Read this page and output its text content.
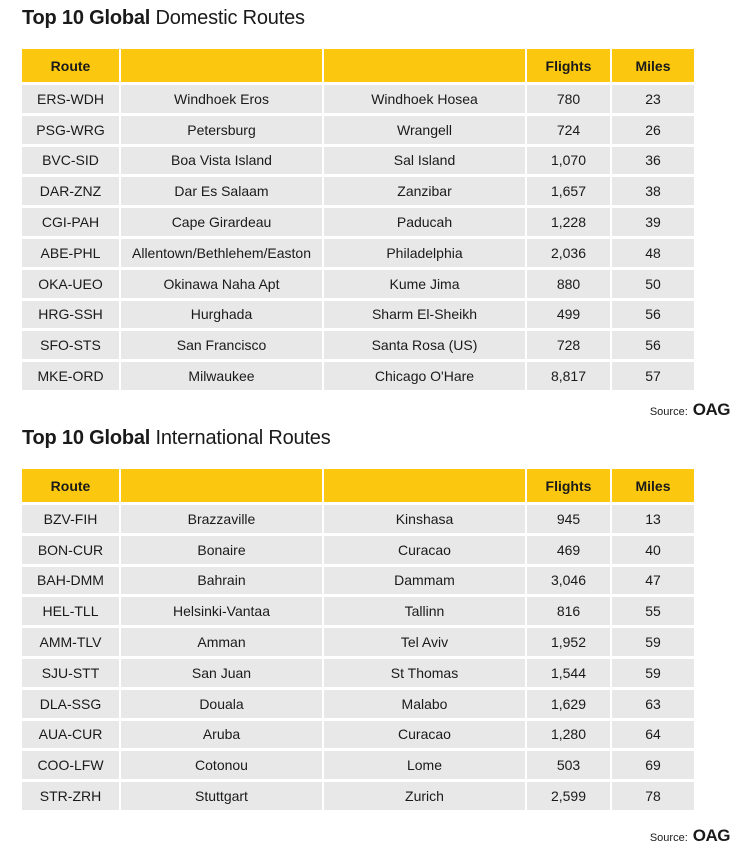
Top 10 Global Domestic Routes
Route			Flights	Miles
ERS-WDH	Windhoek Eros	Windhoek Hosea	780	23
PSG-WRG	Petersburg	Wrangell	724	26
BVC-SID	Boa Vista Island	Sal Island	1,070	36
DAR-ZNZ	Dar Es Salaam	Zanzibar	1,657	38
CGI-PAH	Cape Girardeau	Paducah	1,228	39
ABE-PHL	Allentown/Bethlehem/Easton	Philadelphia	2,036	48
OKA-UEO	Okinawa Naha Apt	Kume Jima	880	50
HRG-SSH	Hurghada	Sharm El-Sheikh	499	56
SFO-STS	San Francisco	Santa Rosa (US)	728	56
MKE-ORD	Milwaukee	Chicago O'Hare	8,817	57
Source: OAG
Top 10 Global International Routes
Route			Flights	Miles
BZV-FIH	Brazzaville	Kinshasa	945	13
BON-CUR	Bonaire	Curacao	469	40
BAH-DMM	Bahrain	Dammam	3,046	47
HEL-TLL	Helsinki-Vantaa	Tallinn	816	55
AMM-TLV	Amman	Tel Aviv	1,952	59
SJU-STT	San Juan	St Thomas	1,544	59
DLA-SSG	Douala	Malabo	1,629	63
AUA-CUR	Aruba	Curacao	1,280	64
COO-LFW	Cotonou	Lome	503	69
STR-ZRH	Stuttgart	Zurich	2,599	78
Source: OAG
